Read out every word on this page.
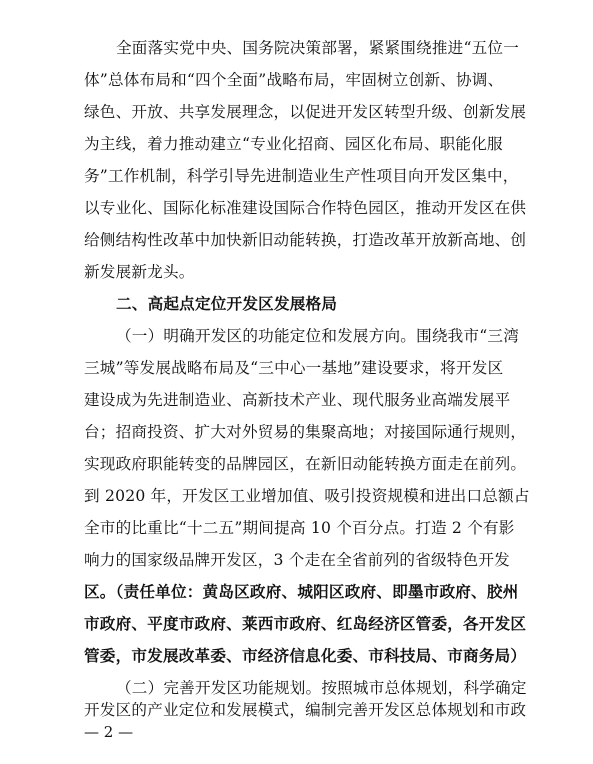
全面落实党中央、国务院决策部署，紧紧围绕推进“五位一
体”总体布局和“四个全面”战略布局，牢固树立创新、协调、
绿色、开放、共享发展理念，以促进开发区转型升级、创新发展
为主线，着力推动建立“专业化招商、园区化布局、职能化服
务”工作机制，科学引导先进制造业生产性项目向开发区集中，
以专业化、国际化标准建设国际合作特色园区，推动开发区在供
给侧结构性改革中加快新旧动能转换，打造改革开放新高地、创
新发展新龙头。
二、高起点定位开发区发展格局
（一）明确开发区的功能定位和发展方向。围绕我市“三湾
三城”等发展战略布局及“三中心一基地”建设要求，将开发区
建设成为先进制造业、高新技术产业、现代服务业高端发展平
台；招商投资、扩大对外贸易的集聚高地；对接国际通行规则，
实现政府职能转变的品牌园区，在新旧动能转换方面走在前列。
到 2020 年，开发区工业增加值、吸引投资规模和进出口总额占
全市的比重比“十二五”期间提高 10 个百分点。打造 2 个有影
响力的国家级品牌开发区，3 个走在全省前列的省级特色开发
区。（责任单位：黄岛区政府、城阳区政府、即墨市政府、胶州
市政府、平度市政府、莱西市政府、红岛经济区管委，各开发区
管委，市发展改革委、市经济信息化委、市科技局、市商务局）
（二）完善开发区功能规划。按照城市总体规划，科学确定
开发区的产业定位和发展模式，编制完善开发区总体规划和市政
— 2 —
